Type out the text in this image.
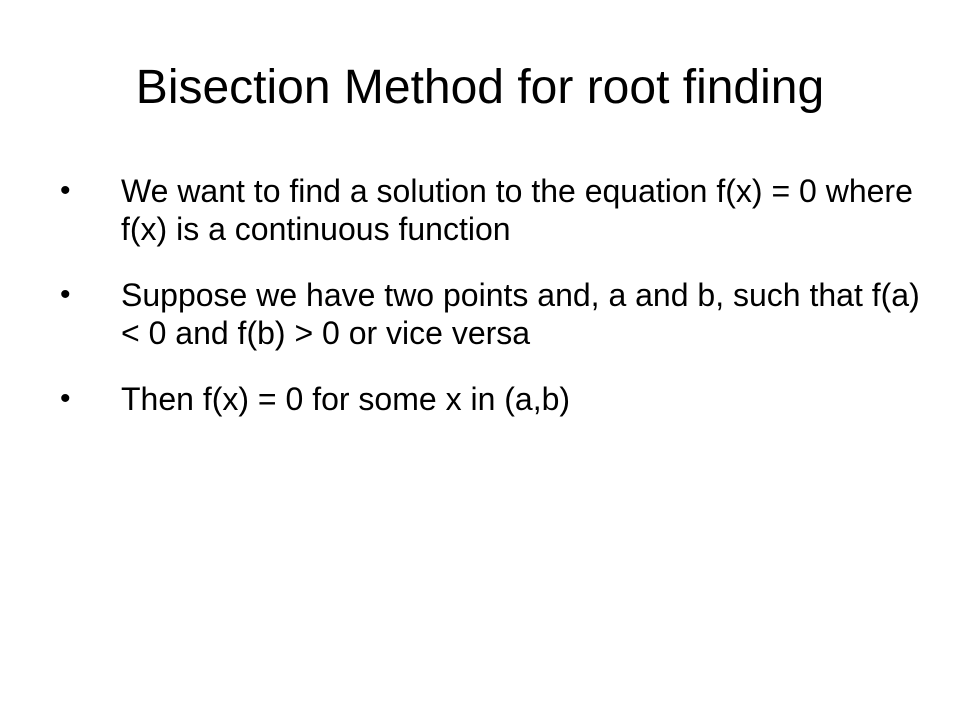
Bisection Method for root finding
• We want to find a solution to the equation f(x) = 0 where f(x) is a continuous function
• Suppose we have two points and, a and b, such that f(a) < 0 and f(b) > 0 or vice versa
• Then f(x) = 0 for some x in (a,b)
